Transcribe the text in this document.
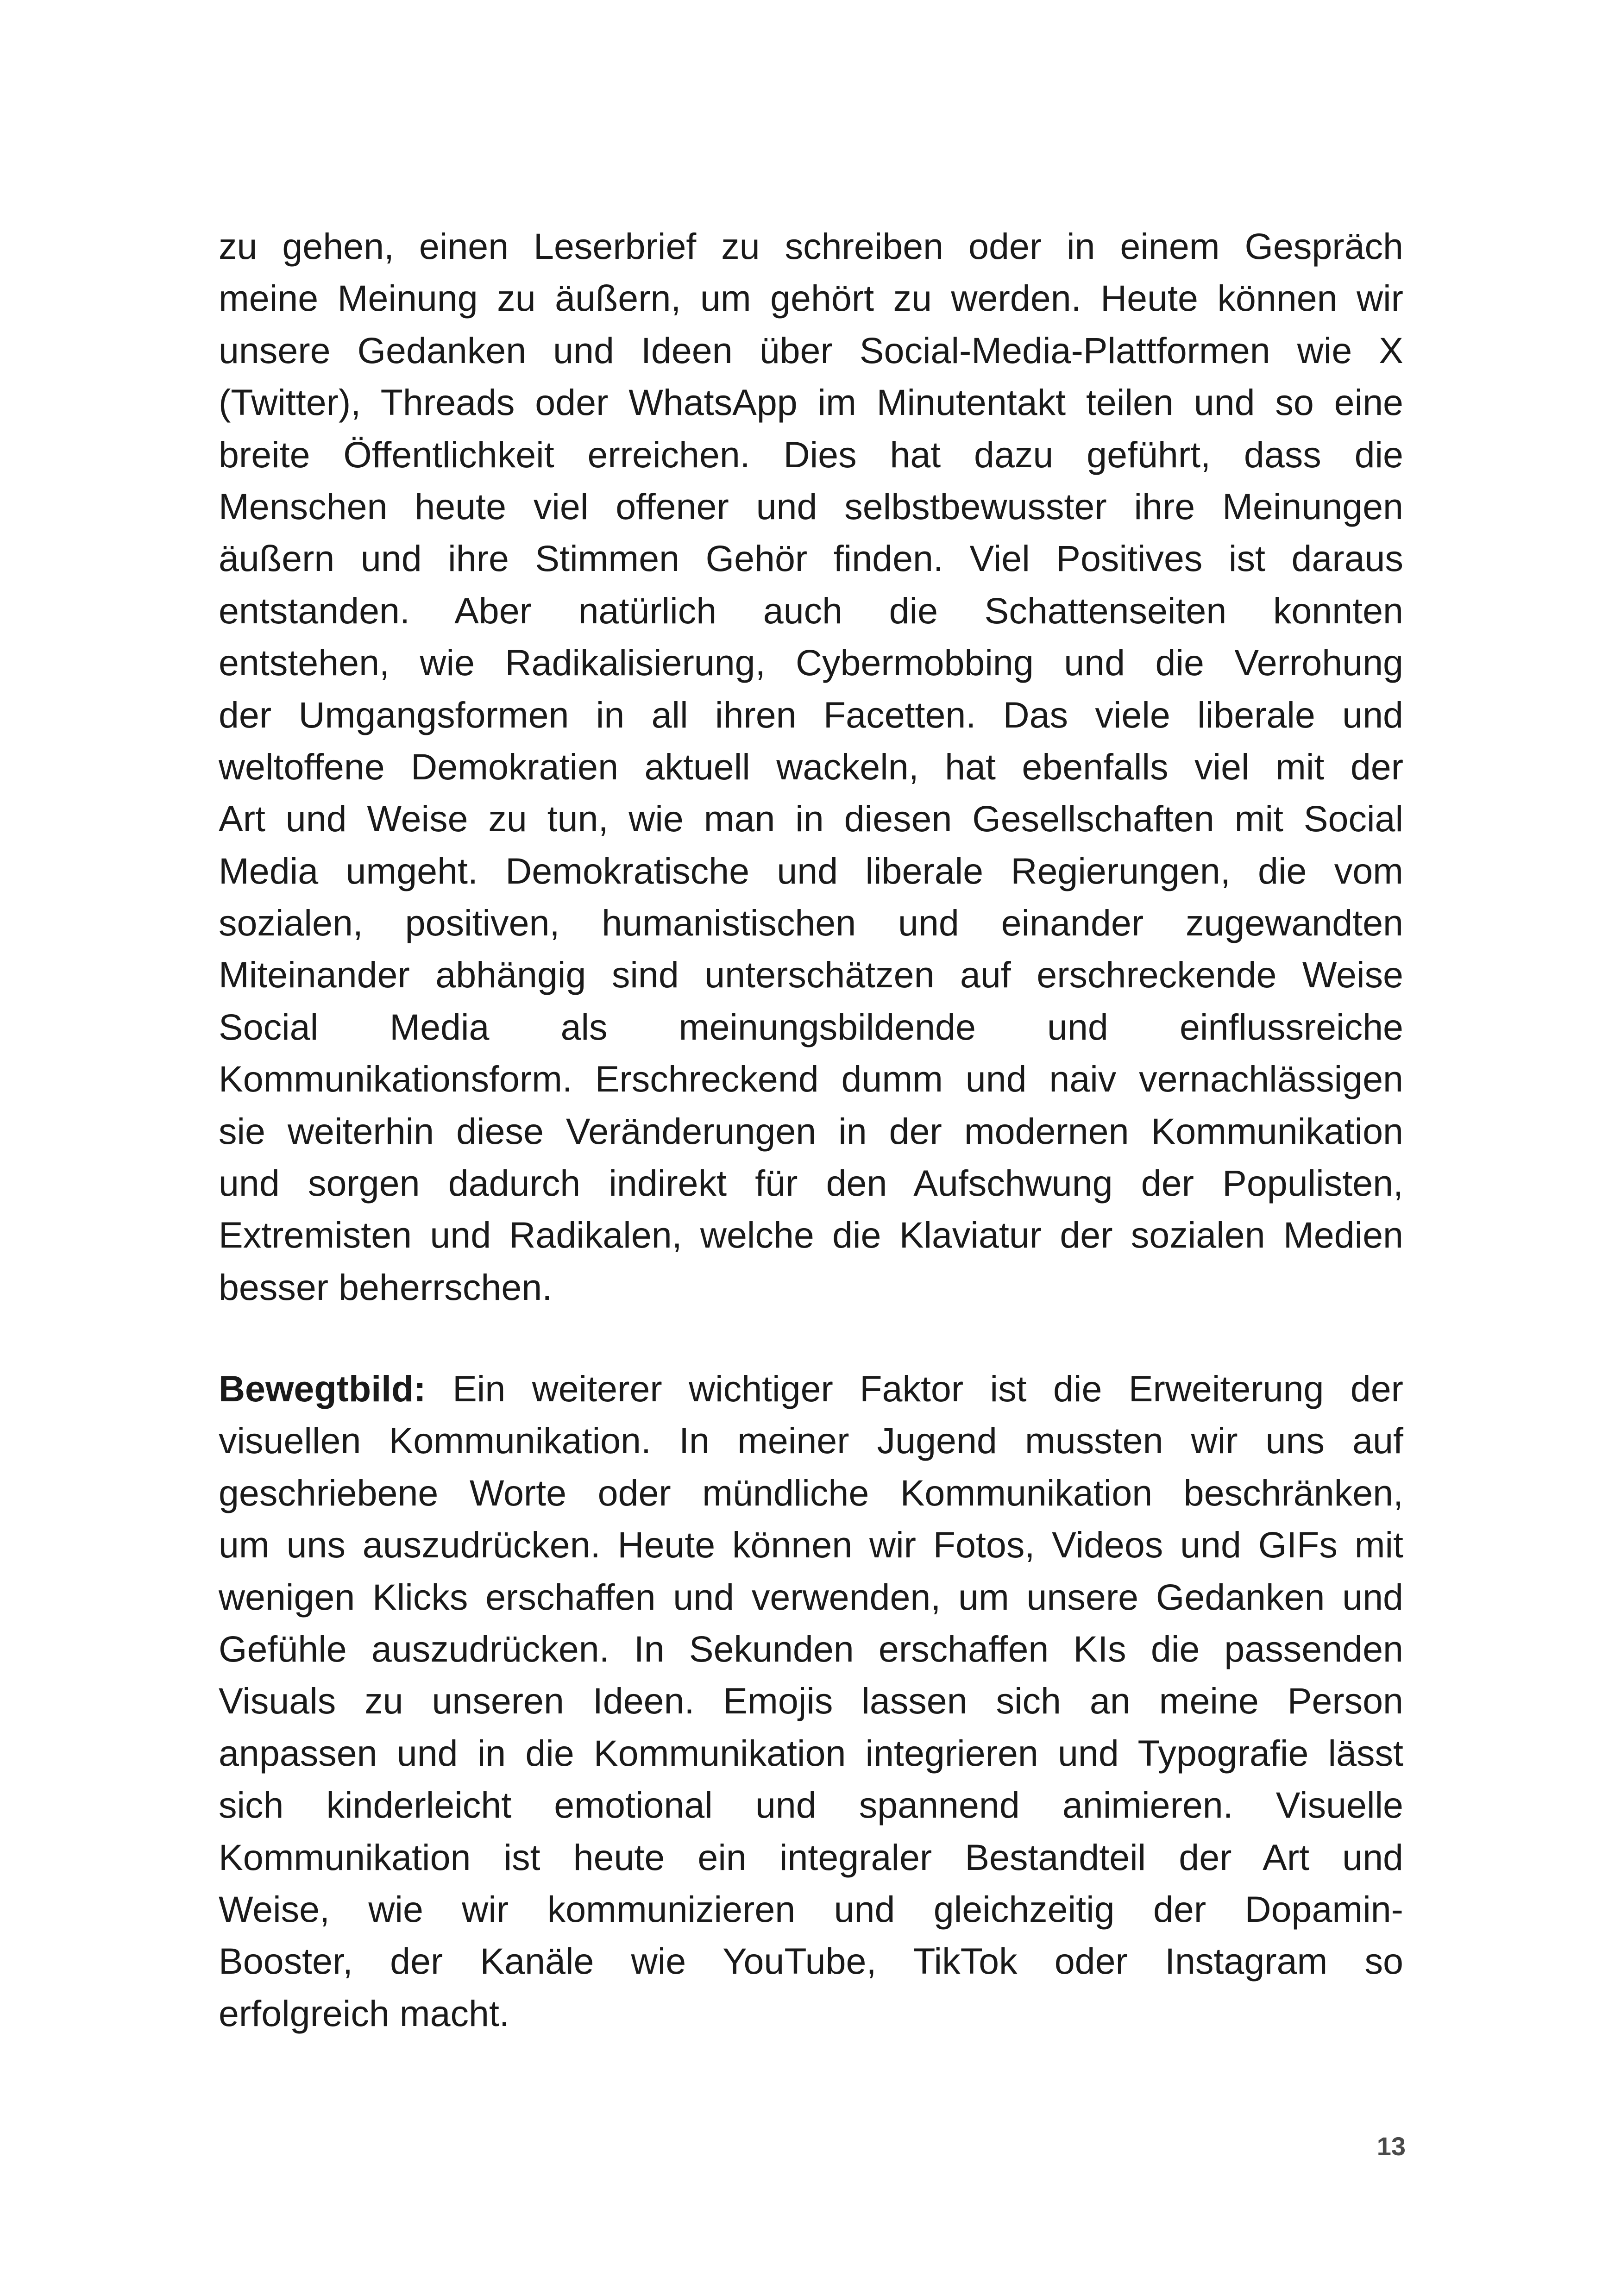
zu gehen, einen Leserbrief zu schreiben oder in einem Gespräch
meine Meinung zu äußern, um gehört zu werden. Heute können wir
unsere Gedanken und Ideen über Social-Media-Plattformen wie X
(Twitter), Threads oder WhatsApp im Minutentakt teilen und so eine
breite Öffentlichkeit erreichen. Dies hat dazu geführt, dass die
Menschen heute viel offener und selbstbewusster ihre Meinungen
äußern und ihre Stimmen Gehör finden. Viel Positives ist daraus
entstanden. Aber natürlich auch die Schattenseiten konnten
entstehen, wie Radikalisierung, Cybermobbing und die Verrohung
der Umgangsformen in all ihren Facetten. Das viele liberale und
weltoffene Demokratien aktuell wackeln, hat ebenfalls viel mit der
Art und Weise zu tun, wie man in diesen Gesellschaften mit Social
Media umgeht. Demokratische und liberale Regierungen, die vom
sozialen, positiven, humanistischen und einander zugewandten
Miteinander abhängig sind unterschätzen auf erschreckende Weise
Social Media als meinungsbildende und einflussreiche
Kommunikationsform. Erschreckend dumm und naiv vernachlässigen
sie weiterhin diese Veränderungen in der modernen Kommunikation
und sorgen dadurch indirekt für den Aufschwung der Populisten,
Extremisten und Radikalen, welche die Klaviatur der sozialen Medien
besser beherrschen.
Bewegtbild: Ein weiterer wichtiger Faktor ist die Erweiterung der
visuellen Kommunikation. In meiner Jugend mussten wir uns auf
geschriebene Worte oder mündliche Kommunikation beschränken,
um uns auszudrücken. Heute können wir Fotos, Videos und GIFs mit
wenigen Klicks erschaffen und verwenden, um unsere Gedanken und
Gefühle auszudrücken. In Sekunden erschaffen KIs die passenden
Visuals zu unseren Ideen. Emojis lassen sich an meine Person
anpassen und in die Kommunikation integrieren und Typografie lässt
sich kinderleicht emotional und spannend animieren. Visuelle
Kommunikation ist heute ein integraler Bestandteil der Art und
Weise, wie wir kommunizieren und gleichzeitig der Dopamin-
Booster, der Kanäle wie YouTube, TikTok oder Instagram so
erfolgreich macht.
13
